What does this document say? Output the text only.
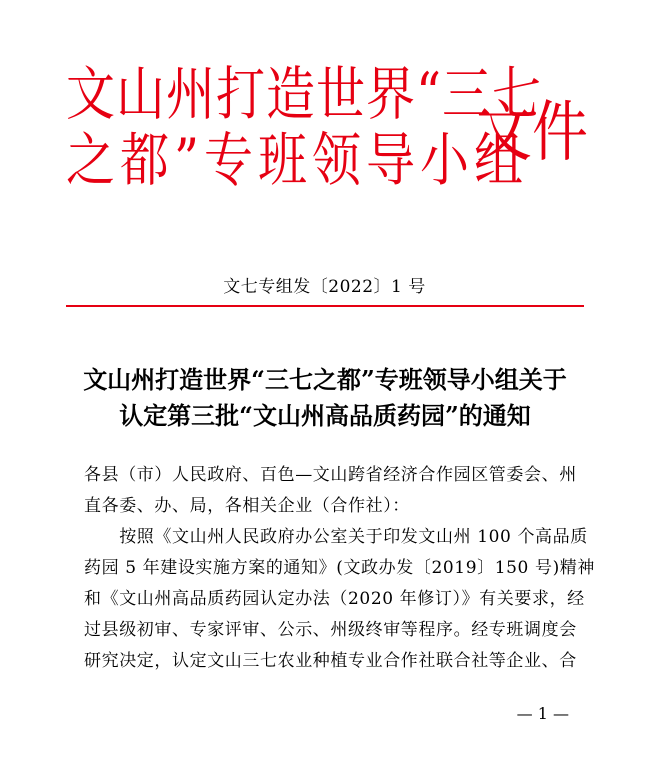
文山州打造世界“三七
之都”专班领导小组
文件
文七专组发〔2022〕1 号
文山州打造世界“三七之都”专班领导小组关于
认定第三批“文山州高品质药园”的通知
各县（市）人民政府、百色—文山跨省经济合作园区管委会、州
直各委、办、局，各相关企业（合作社）：
　　按照《文山州人民政府办公室关于印发文山州 100 个高品质
药园 5 年建设实施方案的通知》(文政办发〔2019〕150 号)精神
和《文山州高品质药园认定办法（2020 年修订）》有关要求，经
过县级初审、专家评审、公示、州级终审等程序。经专班调度会
研究决定，认定文山三七农业种植专业合作社联合社等企业、合
— 1 —
